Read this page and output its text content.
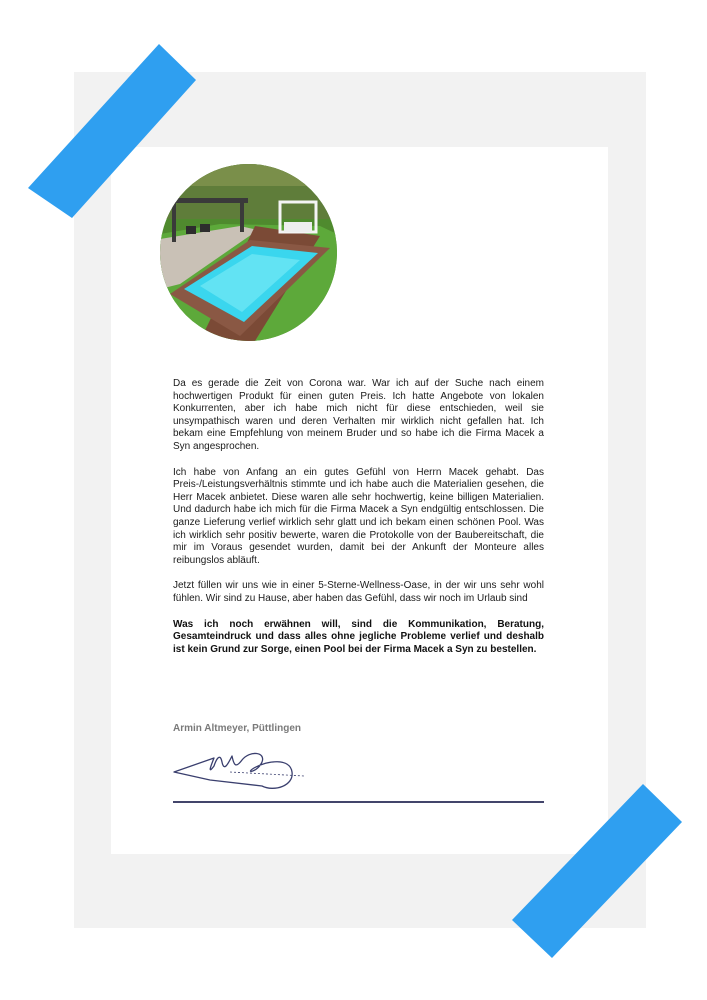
Da es gerade die Zeit von Corona war. War ich auf der Suche nach einem hochwertigen Produkt für einen guten Preis. Ich hatte Angebote von lokalen Konkurrenten, aber ich habe mich nicht für diese entschieden, weil sie unsympathisch waren und deren Verhalten mir wirklich nicht gefallen hat. Ich bekam eine Empfehlung von meinem Bruder und so habe ich die Firma Macek a Syn angesprochen.

Ich habe von Anfang an ein gutes Gefühl von Herrn Macek gehabt. Das Preis-/Leistungsverhältnis stimmte und ich habe auch die Materialien gesehen, die Herr Macek anbietet. Diese waren alle sehr hochwertig, keine billigen Materialien. Und dadurch habe ich mich für die Firma Macek a Syn endgültig entschlossen. Die ganze Lieferung verlief wirklich sehr glatt und ich bekam einen schönen Pool. Was ich wirklich sehr positiv bewerte, waren die Protokolle von der Baubereitschaft, die mir im Voraus gesendet wurden, damit bei der Ankunft der Monteure alles reibungslos abläuft.

Jetzt füllen wir uns wie in einer 5-Sterne-Wellness-Oase, in der wir uns sehr wohl fühlen. Wir sind zu Hause, aber haben das Gefühl, dass wir noch im Urlaub sind

Was ich noch erwähnen will, sind die Kommunikation, Beratung, Gesamteindruck und dass alles ohne jegliche Probleme verlief und deshalb ist kein Grund zur Sorge, einen Pool bei der Firma Macek a Syn zu bestellen.

Armin Altmeyer, Püttlingen
